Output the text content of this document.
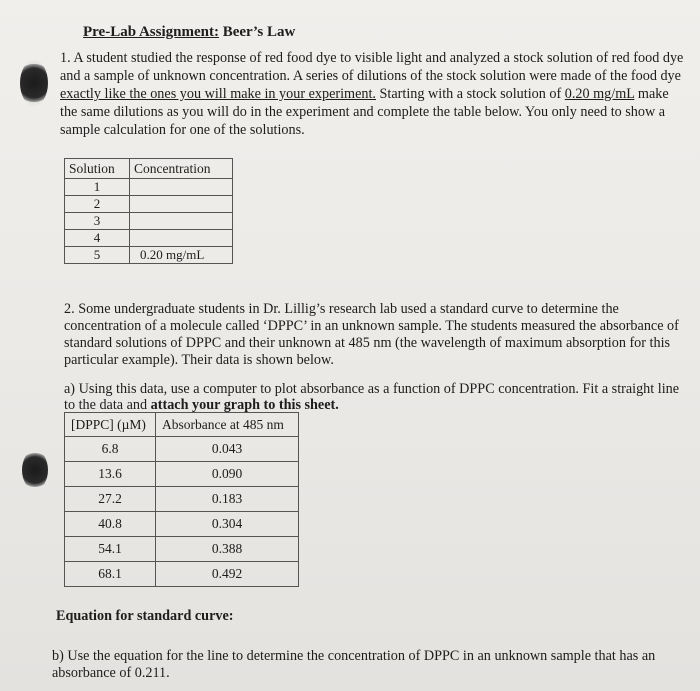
Pre-Lab Assignment: Beer’s Law
1. A student studied the response of red food dye to visible light and analyzed a stock solution of red food dye
and a sample of unknown concentration. A series of dilutions of the stock solution were made of the food dye
exactly like the ones you will make in your experiment. Starting with a stock solution of 0.20 mg/mL make
the same dilutions as you will do in the experiment and complete the table below. You only need to show a
sample calculation for one of the solutions.
Solution	Concentration
1	
2	
3	
4	
5	0.20 mg/mL
2. Some undergraduate students in Dr. Lillig’s research lab used a standard curve to determine the
concentration of a molecule called ‘DPPC’ in an unknown sample. The students measured the absorbance of
standard solutions of DPPC and their unknown at 485 nm (the wavelength of maximum absorption for this
particular example). Their data is shown below.
a) Using this data, use a computer to plot absorbance as a function of DPPC concentration. Fit a straight line
to the data and attach your graph to this sheet.
[DPPC] (µM)	Absorbance at 485 nm
6.8	0.043
13.6	0.090
27.2	0.183
40.8	0.304
54.1	0.388
68.1	0.492
Equation for standard curve:
b) Use the equation for the line to determine the concentration of DPPC in an unknown sample that has an
absorbance of 0.211.
